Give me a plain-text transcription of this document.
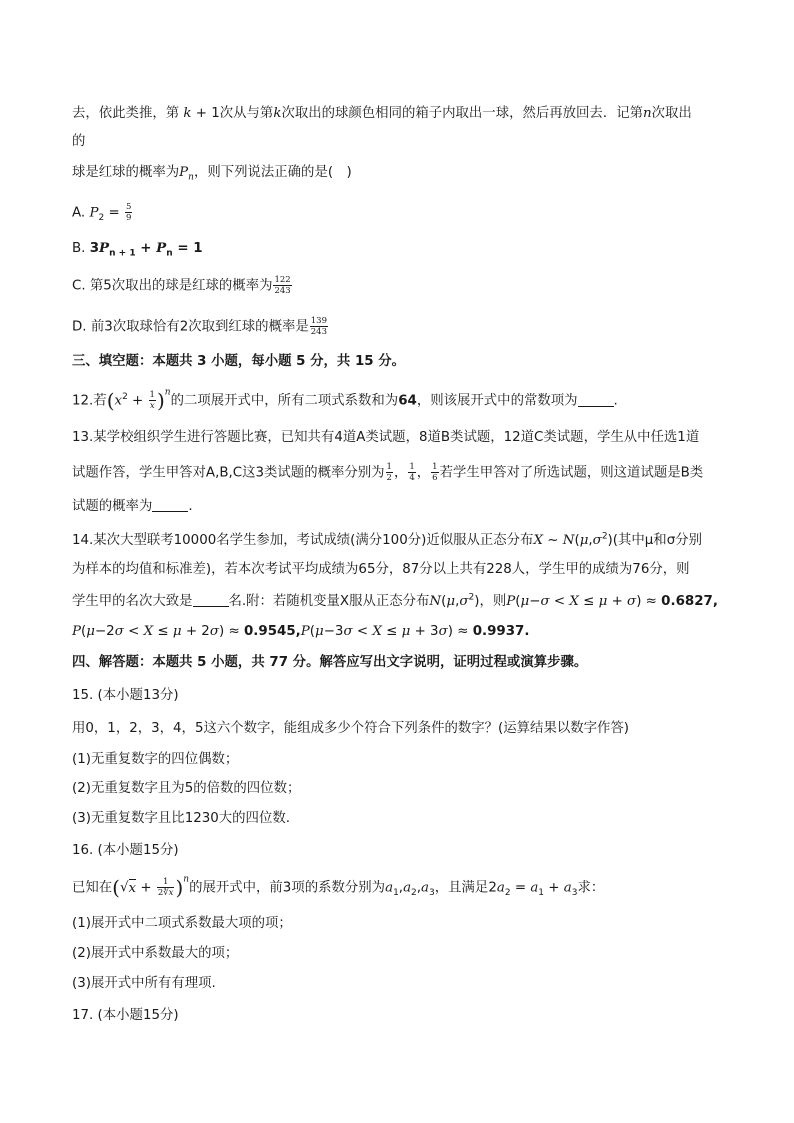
去，依此类推，第 k + 1次从与第k次取出的球颜色相同的箱子内取出一球，然后再放回去．记第n次取出
的
球是红球的概率为$P_n$，则下列说法正确的是(　)
A. $P_2 = \frac{5}{9}$
B. $3P_{n + 1} + P_n = 1$
C. 第5次取出的球是红球的概率为 $\frac{122}{243}$
D. 前3次取球恰有2次取到红球的概率是 $\frac{139}{243}$
三、填空题：本题共 3 小题，每小题 5 分，共 15 分。
12.若$(x^2 + \frac{1}{x} )^n$的二项展开式中，所有二项式系数和为64，则该展开式中的常数项为	.
13.某学校组织学生进行答题比赛，已知共有4道A类试题，8道B类试题，12道C类试题，学生从中任选1道
试题作答，学生甲答对A,B,C这3类试题的概率分别为 $\frac{1}{2}$ ， $\frac{1}{4}$ ， $\frac{1}{6}$ 若学生甲答对了所选试题，则这道试题是B类
试题的概率为	.
14.某次大型联考10000名学生参加，考试成绩(满分100分)近似服从正态分布X ~ $N(\mu,\sigma^2)$(其中μ和σ分别
为样本的均值和标准差)，若本次考试平均成绩为65分，87分以上共有228人，学生甲的成绩为76分，则
学生甲的名次大致是	名.附：若随机变量X服从正态分布$N(\mu,\sigma^2)$，则P(μ−σ < X ≤ μ + σ) ≈ 0.6827,
P(μ−2σ < X ≤ μ + 2σ) ≈ 0.9545,P(μ−3σ < X ≤ μ + 3σ) ≈ 0.9937.
四、解答题：本题共 5 小题，共 77 分。解答应写出文字说明，证明过程或演算步骤。
15. (本小题13分)
用0，1，2，3，4，5这六个数字，能组成多少个符合下列条件的数字？(运算结果以数字作答)
(1)无重复数字的四位偶数；
(2)无重复数字且为5的倍数的四位数；
(3)无重复数字且比1230大的四位数.
16. (本小题15分)
已知在$(√x + \frac{1}{2∜x} )^n$的展开式中，前3项的系数分别为$a_1,a_2,a_3$，且满足$2a_2 = a_1 + a_3$求：
(1)展开式中二项式系数最大项的项；
(2)展开式中系数最大的项；
(3)展开式中所有有理项.
17. (本小题15分)
